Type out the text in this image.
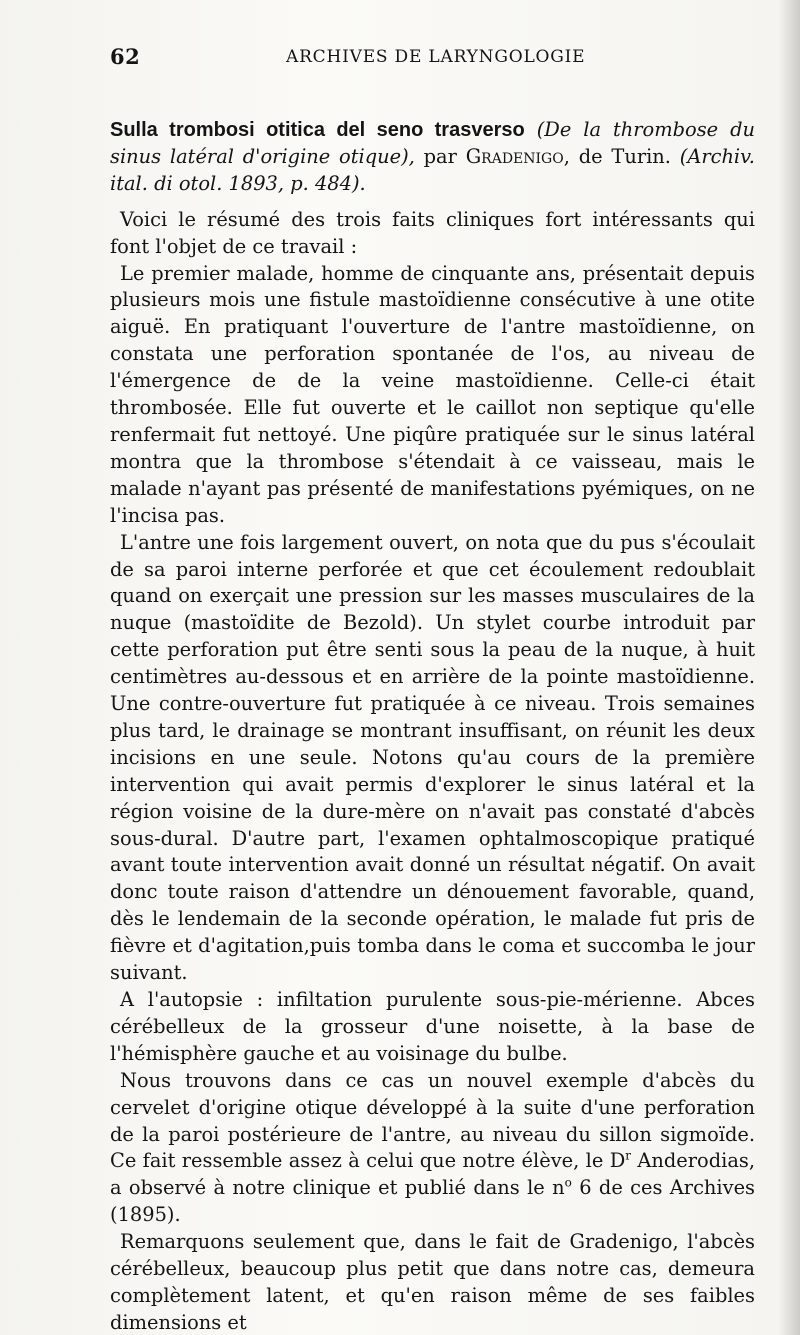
62	ARCHIVES DE LARYNGOLOGIE

Sulla trombosi otitica del seno trasverso (De la thrombose du sinus latéral d'origine otique), par Gradenigo, de Turin. (Archiv. ital. di otol. 1893, p. 484).

Voici le résumé des trois faits cliniques fort intéressants qui font l'objet de ce travail :

Le premier malade, homme de cinquante ans, présentait depuis plusieurs mois une fistule mastoïdienne consécutive à une otite aiguë. En pratiquant l'ouverture de l'antre mastoïdienne, on constata une perforation spontanée de l'os, au niveau de l'émergence de de la veine mastoïdienne. Celle-ci était thrombosée. Elle fut ouverte et le caillot non septique qu'elle renfermait fut nettoyé. Une piqûre pratiquée sur le sinus latéral montra que la thrombose s'étendait à ce vaisseau, mais le malade n'ayant pas présenté de manifestations pyémiques, on ne l'incisa pas.

L'antre une fois largement ouvert, on nota que du pus s'écoulait de sa paroi interne perforée et que cet écoulement redoublait quand on exerçait une pression sur les masses musculaires de la nuque (mastoïdite de Bezold). Un stylet courbe introduit par cette perforation put être senti sous la peau de la nuque, à huit centimètres au-dessous et en arrière de la pointe mastoïdienne. Une contre-ouverture fut pratiquée à ce niveau. Trois semaines plus tard, le drainage se montrant insuffisant, on réunit les deux incisions en une seule. Notons qu'au cours de la première intervention qui avait permis d'explorer le sinus latéral et la région voisine de la dure-mère on n'avait pas constaté d'abcès sous-dural. D'autre part, l'examen ophtalmoscopique pratiqué avant toute intervention avait donné un résultat négatif. On avait donc toute raison d'attendre un dénouement favorable, quand, dès le lendemain de la seconde opération, le malade fut pris de fièvre et d'agitation,puis tomba dans le coma et succomba le jour suivant.

A l'autopsie : infiltation purulente sous-pie-mérienne. Abces cérébelleux de la grosseur d'une noisette, à la base de l'hémisphère gauche et au voisinage du bulbe.

Nous trouvons dans ce cas un nouvel exemple d'abcès du cervelet d'origine otique développé à la suite d'une perforation de la paroi postérieure de l'antre, au niveau du sillon sigmoïde. Ce fait ressemble assez à celui que notre élève, le $D^r$ Anderodias, a observé à notre clinique et publié dans le $n^o$ 6 de ces Archives (1895).

Remarquons seulement que, dans le fait de Gradenigo, l'abcès cérébelleux, beaucoup plus petit que dans notre cas, demeura complètement latent, et qu'en raison même de ses faibles dimensions et
